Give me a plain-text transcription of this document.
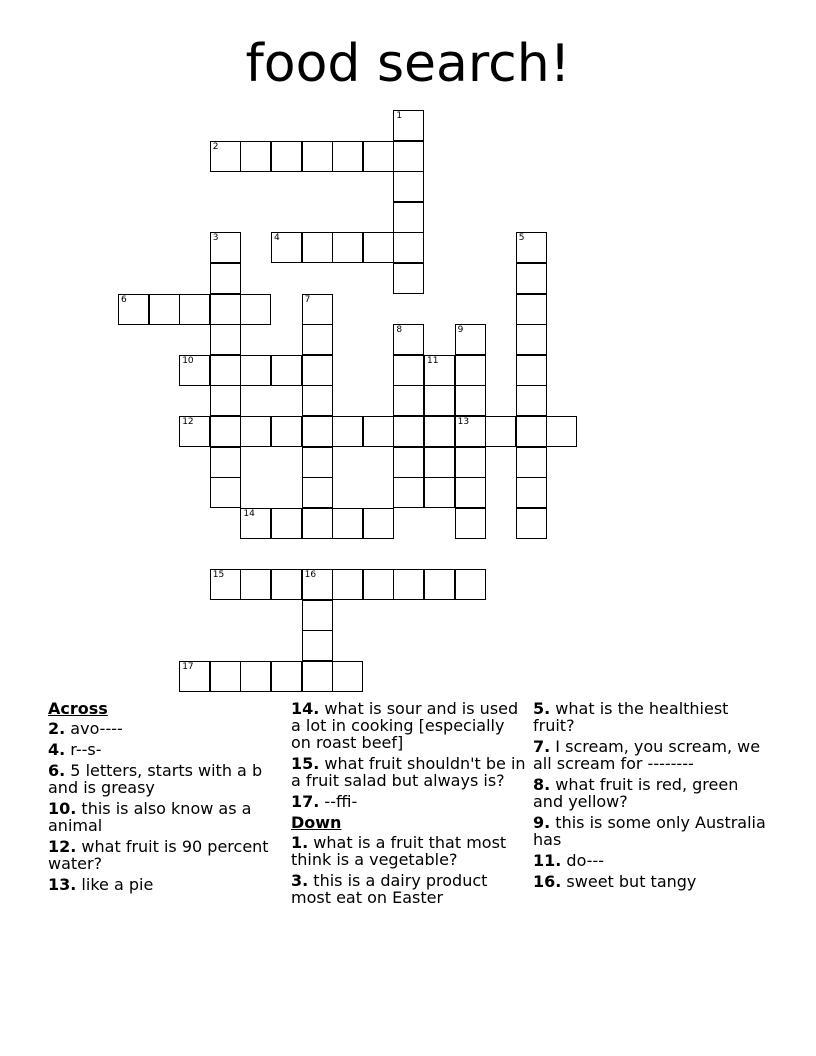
food search!
1
2
3	4	5
6	7
8	9
10	11
12	13
14
15	16
17
Across
2. avo----
4. r--s-
6. 5 letters, starts with a b and is greasy
10. this is also know as a animal
12. what fruit is 90 percent water?
13. like a pie
14. what is sour and is used a lot in cooking [especially on roast beef]
15. what fruit shouldn't be in a fruit salad but always is?
17. --ffi-
Down
1. what is a fruit that most think is a vegetable?
3. this is a dairy product most eat on Easter
5. what is the healthiest fruit?
7. I scream, you scream, we all scream for --------
8. what fruit is red, green and yellow?
9. this is some only Australia has
11. do---
16. sweet but tangy
